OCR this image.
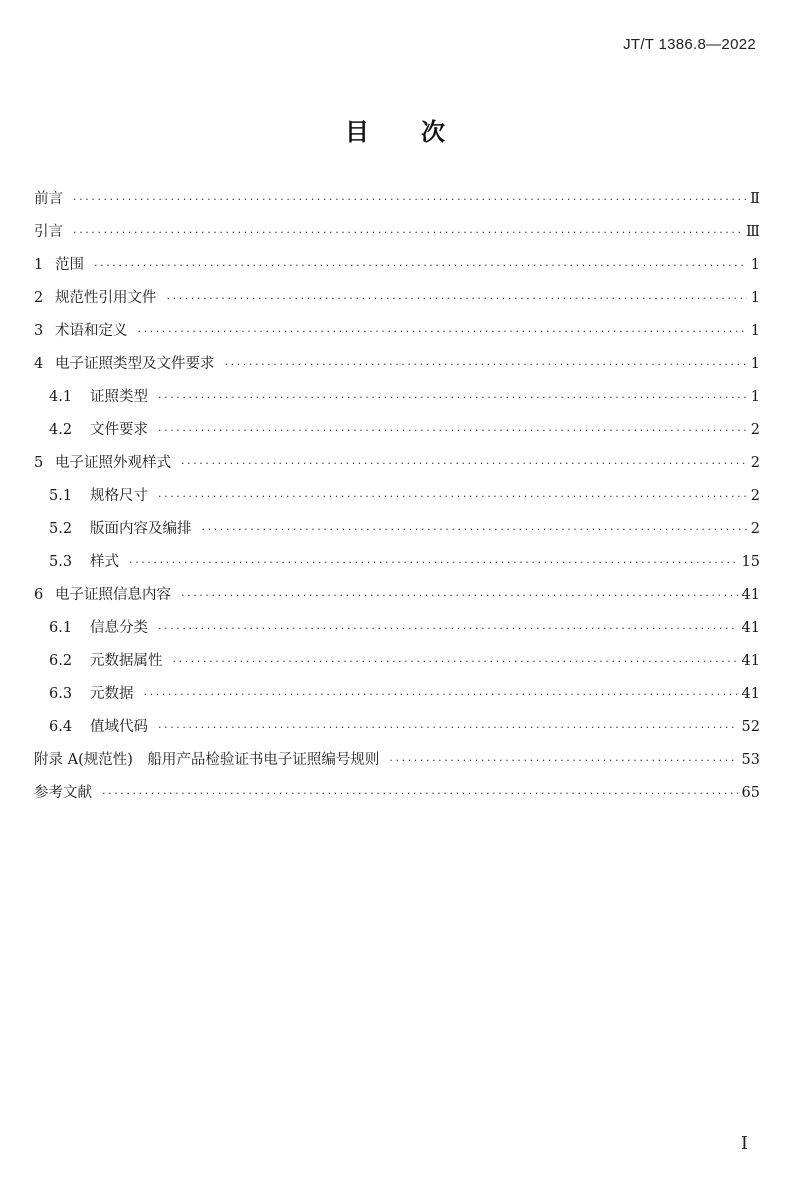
JT/T 1386.8—2022
目 次
前言 ·····	Ⅱ
引言 ·····	Ⅲ
1 范围 ·····	1
2 规范性引用文件 ·····	1
3 术语和定义 ·····	1
4 电子证照类型及文件要求 ·····	1
4.1	证照类型 ·····	1
4.2	文件要求 ·····	2
5 电子证照外观样式 ·····	2
5.1	规格尺寸 ·····	2
5.2	版面内容及编排 ·····	2
5.3	样式 ·····	15
6 电子证照信息内容 ·····	41
6.1	信息分类 ·····	41
6.2	元数据属性 ·····	41
6.3	元数据 ·····	41
6.4	值域代码 ·····	52
附录 A(规范性)　船用产品检验证书电子证照编号规则 ·····	53
参考文献 ·····	65
I
